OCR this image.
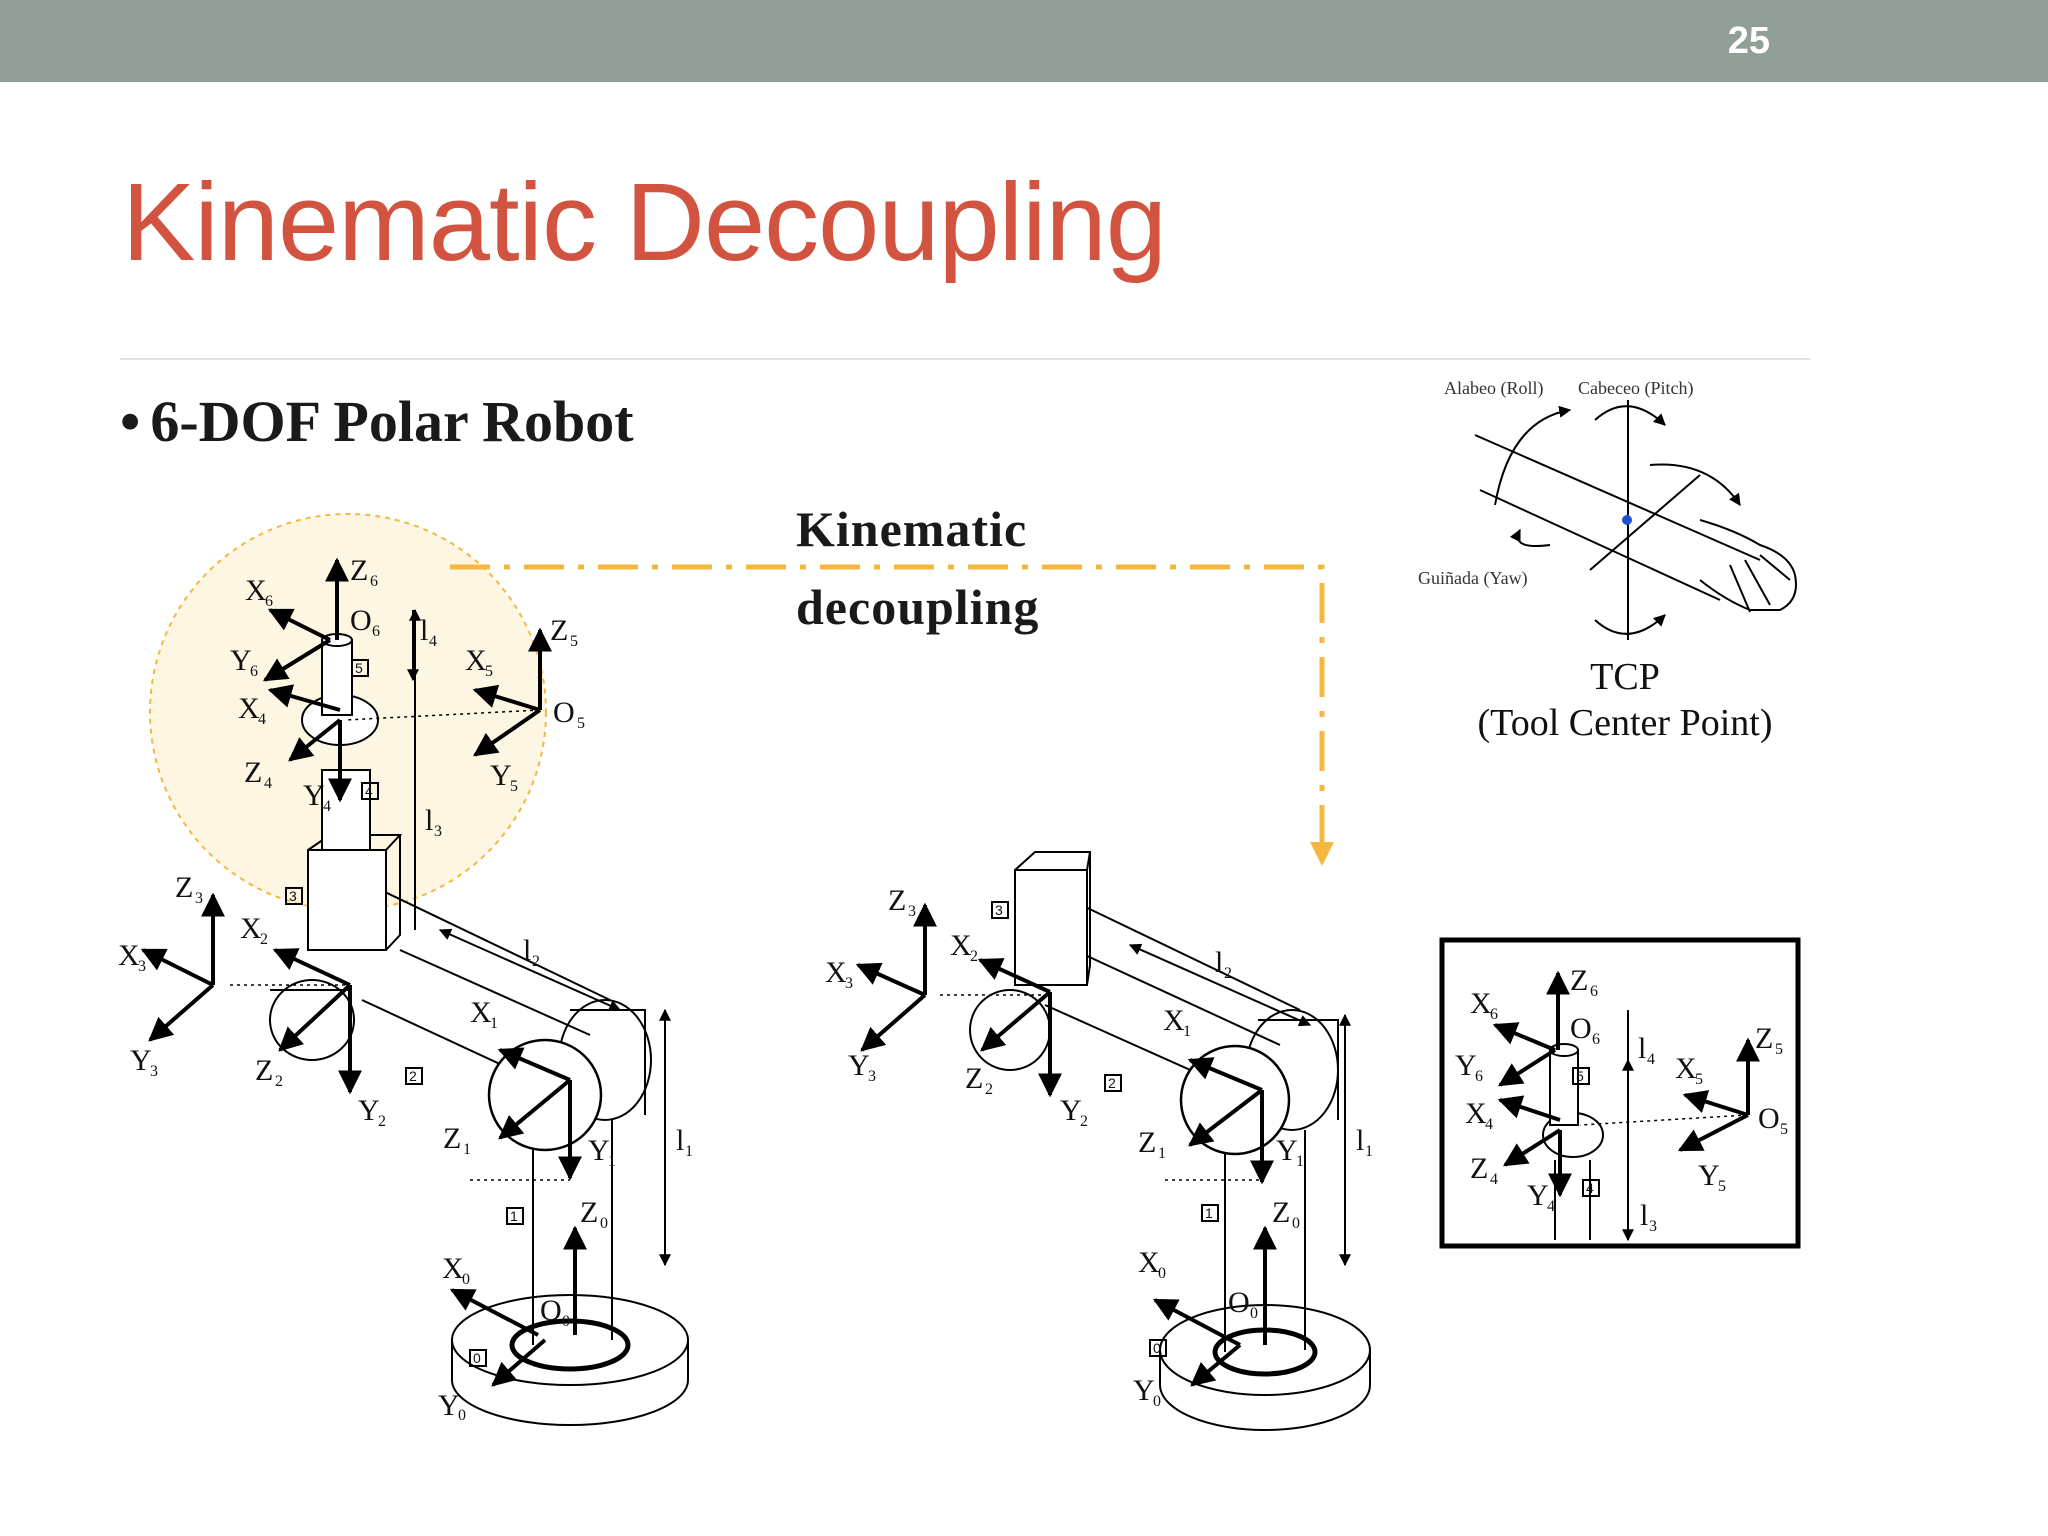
25
Kinematic Decoupling
• 6-DOF Polar Robot
Kinematic
decoupling
Alabeo (Roll) Cabeceo (Pitch)
Guiñada (Yaw)
TCP
(Tool Center Point)
Z 0
X
0
Y
0
O 0
Y
1
Z 1
X
1
l 1
l 2
l 3
l 4
X
2
Z 2
Y
2
Z 3
X
3
Y
3
X
4
Z 4 Y
4
Z 5
X
5
Y
5
O 5
Z 6
X
6
Y
6
O 6
0
1
2
3
4
5
Z 0
X
0
Y
0
O 0
Y
1
Z 1
X
1
l 1
l 2
X
2
Z 2
Y
2
Z 3
X
3
Y
3
3
1
2
0
Z 6
X
6
Y
6
O 6
X
4
Z 4 Y
4
l 4
l 3
Z 5
X
5
Y
5
O 5
5
4
